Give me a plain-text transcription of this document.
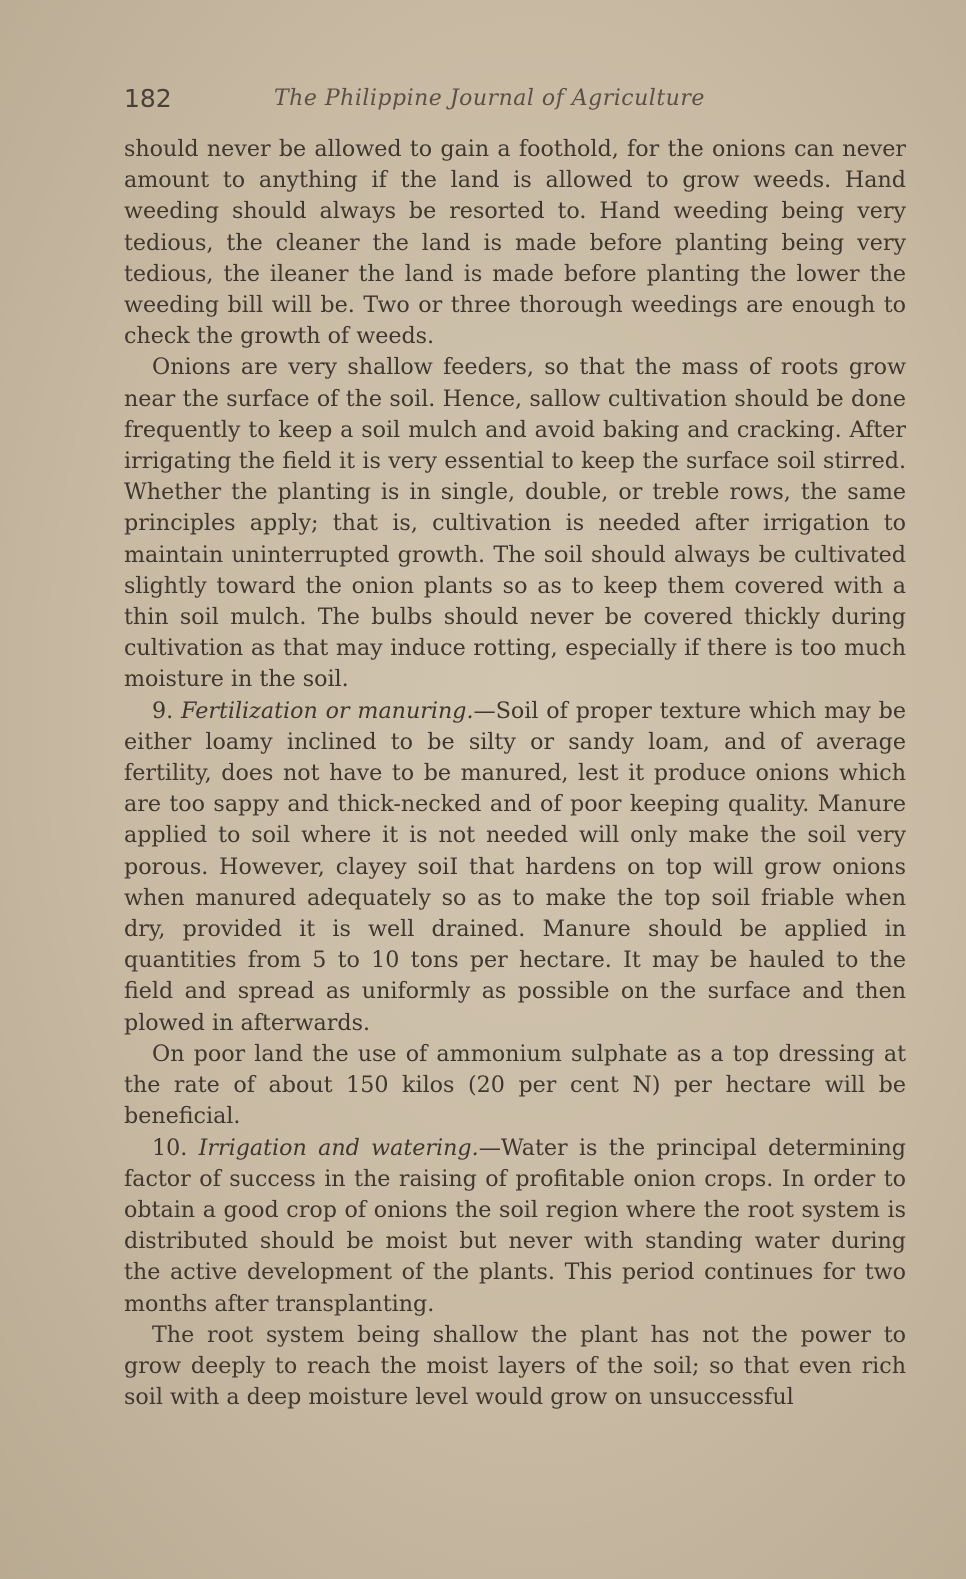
182	The Philippine Journal of Agriculture

should never be allowed to gain a foothold, for the onions can never amount to anything if the land is allowed to grow weeds. Hand weeding should always be resorted to. Hand weeding being very tedious, the cleaner the land is made before planting being very tedious, the ileaner the land is made before planting the lower the weeding bill will be. Two or three thorough weedings are enough to check the growth of weeds.

Onions are very shallow feeders, so that the mass of roots grow near the surface of the soil. Hence, sallow cultivation should be done frequently to keep a soil mulch and avoid baking and cracking. After irrigating the field it is very essential to keep the surface soil stirred. Whether the planting is in single, double, or treble rows, the same principles apply; that is, cultivation is needed after irrigation to maintain uninterrupted growth. The soil should always be cultivated slightly toward the onion plants so as to keep them covered with a thin soil mulch. The bulbs should never be covered thickly during cultivation as that may induce rotting, especially if there is too much moisture in the soil.

9. Fertilization or manuring.—Soil of proper texture which may be either loamy inclined to be silty or sandy loam, and of average fertility, does not have to be manured, lest it produce onions which are too sappy and thick-necked and of poor keeping quality. Manure applied to soil where it is not needed will only make the soil very porous. However, clayey soiI that hardens on top will grow onions when manured adequately so as to make the top soil friable when dry, provided it is well drained. Manure should be applied in quantities from 5 to 10 tons per hectare. It may be hauled to the field and spread as uniformly as possible on the surface and then plowed in afterwards.

On poor land the use of ammonium sulphate as a top dressing at the rate of about 150 kilos (20 per cent N) per hectare will be beneficial.

10. Irrigation and watering.—Water is the principal determining factor of success in the raising of profitable onion crops. In order to obtain a good crop of onions the soil region where the root system is distributed should be moist but never with standing water during the active development of the plants. This period continues for two months after transplanting.

The root system being shallow the plant has not the power to grow deeply to reach the moist layers of the soil; so that even rich soil with a deep moisture level would grow on unsuccessful
